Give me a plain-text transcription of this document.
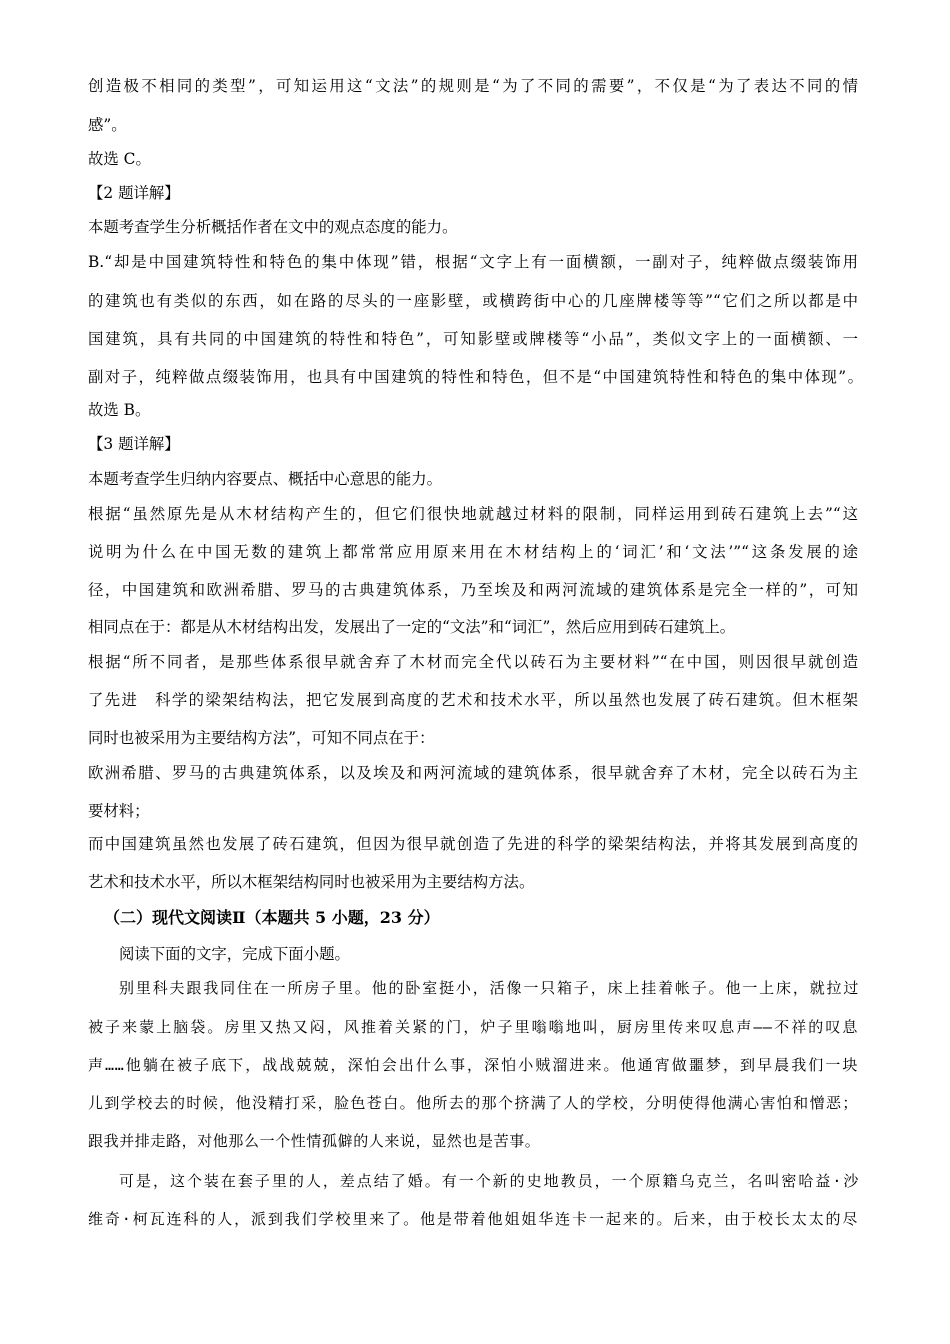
创造极不相同的类型”，可知运用这“文法”的规则是“为了不同的需要”，不仅是“为了表达不同的情
感”。
故选 C。
【2 题详解】
本题考查学生分析概括作者在文中的观点态度的能力。
B.“却是中国建筑特性和特色的集中体现”错，根据“文字上有一面横额，一副对子，纯粹做点缀装饰用
的建筑也有类似的东西，如在路的尽头的一座影壁，或横跨街中心的几座牌楼等等”“它们之所以都是中
国建筑，具有共同的中国建筑的特性和特色”，可知影壁或牌楼等“小品”，类似文字上的一面横额、一
副对子，纯粹做点缀装饰用，也具有中国建筑的特性和特色，但不是“中国建筑特性和特色的集中体现”。
故选 B。
【3 题详解】
本题考查学生归纳内容要点、概括中心意思的能力。
根据“虽然原先是从木材结构产生的，但它们很快地就越过材料的限制，同样运用到砖石建筑上去”“这
说明为什么在中国无数的建筑上都常常应用原来用在木材结构上的‘词汇’和‘文法’”“这条发展的途
径，中国建筑和欧洲希腊、罗马的古典建筑体系，乃至埃及和两河流域的建筑体系是完全一样的”，可知
相同点在于：都是从木材结构出发，发展出了一定的“文法”和“词汇”，然后应用到砖石建筑上。
根据“所不同者，是那些体系很早就舍弃了木材而完全代以砖石为主要材料”“在中国，则因很早就创造
了先进　科学的梁架结构法，把它发展到高度的艺术和技术水平，所以虽然也发展了砖石建筑。但木框架
同时也被采用为主要结构方法”，可知不同点在于：
欧洲希腊、罗马的古典建筑体系，以及埃及和两河流域的建筑体系，很早就舍弃了木材，完全以砖石为主
要材料；
而中国建筑虽然也发展了砖石建筑，但因为很早就创造了先进的科学的梁架结构法，并将其发展到高度的
艺术和技术水平，所以木框架结构同时也被采用为主要结构方法。
（二）现代文阅读Ⅱ（本题共 5 小题，23 分）
阅读下面的文字，完成下面小题。
别里科夫跟我同住在一所房子里。他的卧室挺小，活像一只箱子，床上挂着帐子。他一上床，就拉过
被子来蒙上脑袋。房里又热又闷，风推着关紧的门，炉子里嗡嗡地叫，厨房里传来叹息声——不祥的叹息
声……他躺在被子底下，战战兢兢，深怕会出什么事，深怕小贼溜进来。他通宵做噩梦，到早晨我们一块
儿到学校去的时候，他没精打采，脸色苍白。他所去的那个挤满了人的学校，分明使得他满心害怕和憎恶；
跟我并排走路，对他那么一个性情孤僻的人来说，显然也是苦事。
可是，这个装在套子里的人，差点结了婚。有一个新的史地教员，一个原籍乌克兰，名叫密哈益·沙
维奇·柯瓦连科的人，派到我们学校里来了。他是带着他姐姐华连卡一起来的。后来，由于校长太太的尽
